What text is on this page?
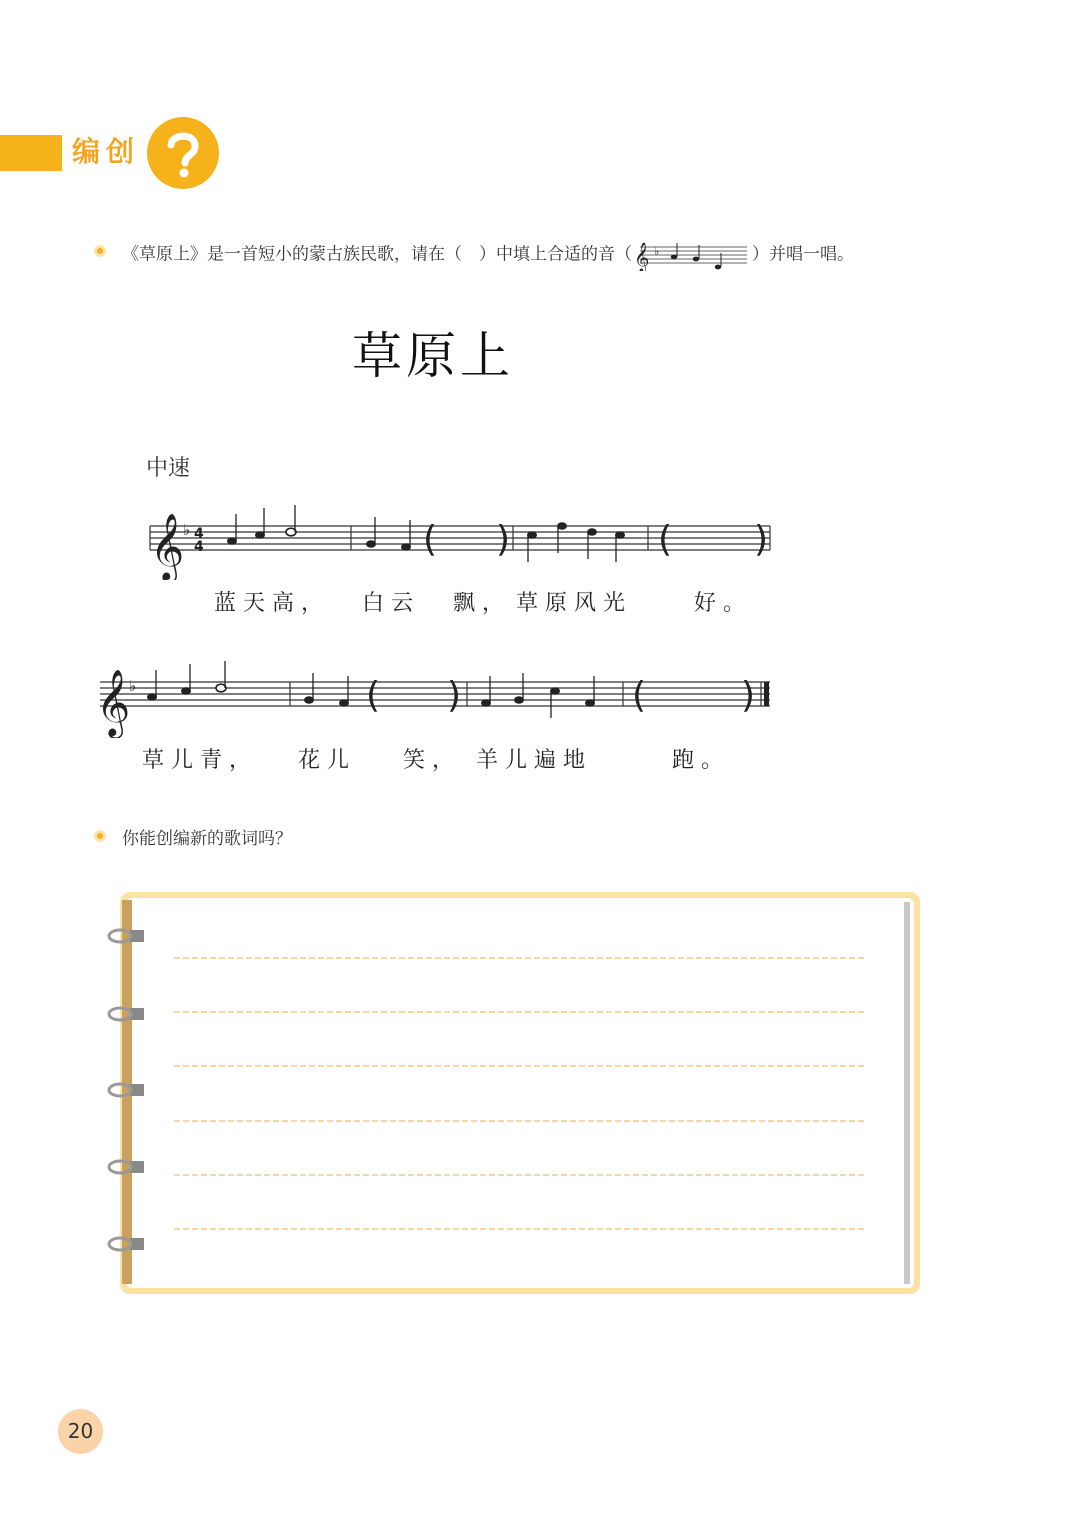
编创
《草原上》是一首短小的蒙古族民歌，请在（　）中填上合适的音（ 𝄞 ♭	）并唱一唱。
草原上
中速
𝄞
♭ 4
4	( )	( )
蓝天高， 白云 飘， 草原风光	好。
𝄞
♭	( )	(	)
草儿青， 花儿 笑， 羊儿遍地	跑。
你能创编新的歌词吗？
20
